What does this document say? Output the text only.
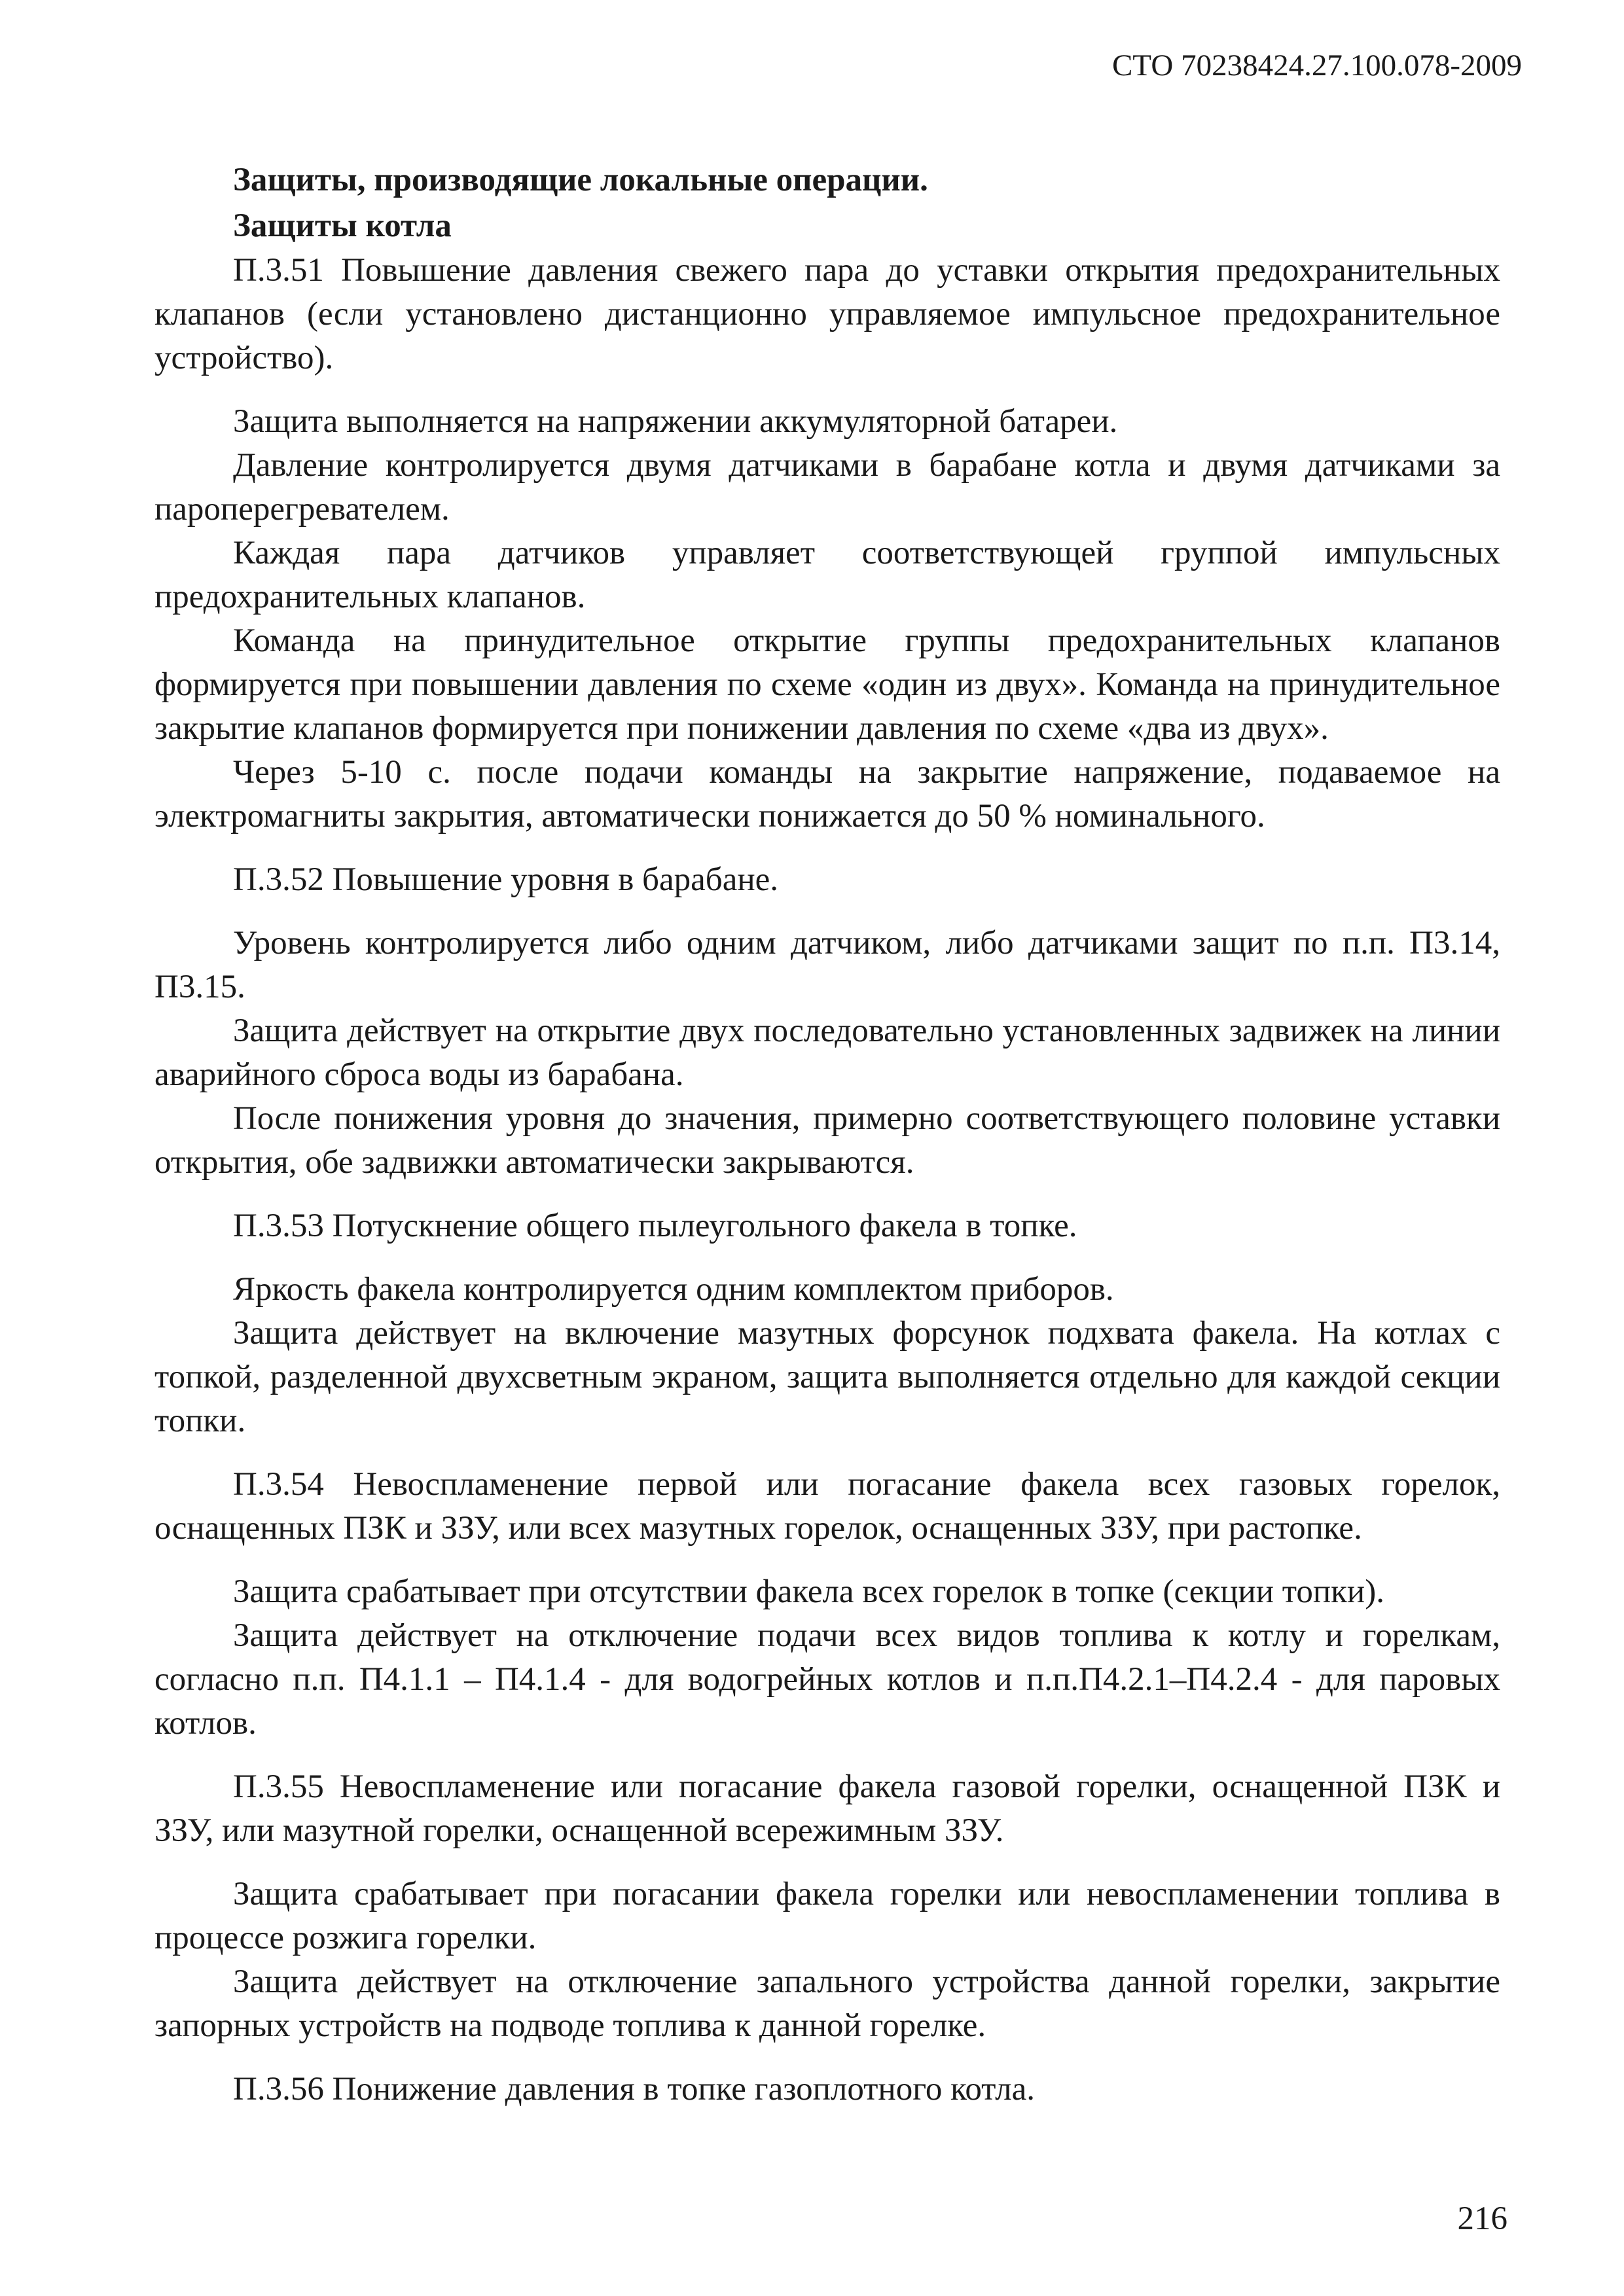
СТО 70238424.27.100.078-2009

Защиты, производящие локальные операции.

Защиты котла

П.3.51 Повышение давления свежего пара до уставки открытия предохранительных клапанов (если установлено дистанционно управляемое импульсное предохранительное устройство).

Защита выполняется на напряжении аккумуляторной батареи.

Давление контролируется двумя датчиками в барабане котла и двумя датчиками за пароперегревателем.

Каждая пара датчиков управляет соответствующей группой импульсных предохранительных клапанов.

Команда на принудительное открытие группы предохранительных клапанов формируется при повышении давления по схеме «один из двух». Команда на принудительное закрытие клапанов формируется при понижении давления по схеме «два из двух».

Через 5-10 с. после подачи команды на закрытие напряжение, подаваемое на электромагниты закрытия, автоматически понижается до 50 % номинального.

П.3.52 Повышение уровня в барабане.

Уровень контролируется либо одним датчиком, либо датчиками защит по п.п. П3.14, П3.15.

Защита действует на открытие двух последовательно установленных задвижек на линии аварийного сброса воды из барабана.

После понижения уровня до значения, примерно соответствующего половине уставки открытия, обе задвижки автоматически закрываются.

П.3.53 Потускнение общего пылеугольного факела в топке.

Яркость факела контролируется одним комплектом приборов.

Защита действует на включение мазутных форсунок подхвата факела. На котлах с топкой, разделенной двухсветным экраном, защита выполняется отдельно для каждой секции топки.

П.3.54 Невоспламенение первой или погасание факела всех газовых горелок, оснащенных ПЗК и ЗЗУ, или всех мазутных горелок, оснащенных ЗЗУ, при растопке.

Защита срабатывает при отсутствии факела всех горелок в топке (секции топки).

Защита действует на отключение подачи всех видов топлива к котлу и горелкам, согласно п.п. П4.1.1 – П4.1.4 - для водогрейных котлов и п.п.П4.2.1–П4.2.4 - для паровых котлов.

П.3.55 Невоспламенение или погасание факела газовой горелки, оснащенной ПЗК и ЗЗУ, или мазутной горелки, оснащенной всережимным ЗЗУ.

Защита срабатывает при погасании факела горелки или невоспламенении топлива в процессе розжига горелки.

Защита действует на отключение запального устройства данной горелки, закрытие запорных устройств на подводе топлива к данной горелке.

П.3.56 Понижение давления в топке газоплотного котла.

216
